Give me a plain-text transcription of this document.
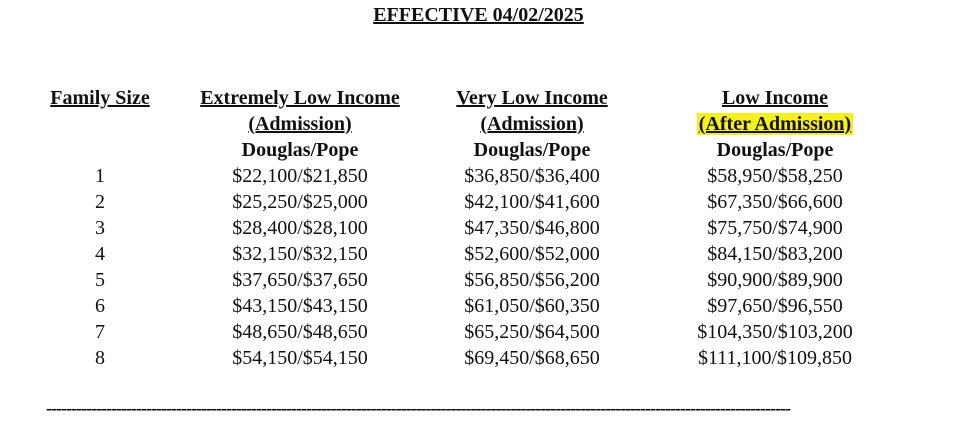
EFFECTIVE 04/02/2025
Family Size
1
2
3
4
5
6
7
8
Extremely Low Income
(Admission)
Douglas/Pope
$22,100/$21,850
$25,250/$25,000
$28,400/$28,100
$32,150/$32,150
$37,650/$37,650
$43,150/$43,150
$48,650/$48,650
$54,150/$54,150
Very Low Income
(Admission)
Douglas/Pope
$36,850/$36,400
$42,100/$41,600
$47,350/$46,800
$52,600/$52,000
$56,850/$56,200
$61,050/$60,350
$65,250/$64,500
$69,450/$68,650
Low Income
(After Admission)
Douglas/Pope
$58,950/$58,250
$67,350/$66,600
$75,750/$74,900
$84,150/$83,200
$90,900/$89,900
$97,650/$96,550
$104,350/$103,200
$111,100/$109,850
-----------------------------------------------------------------------------------------------------------------------------------------------------
